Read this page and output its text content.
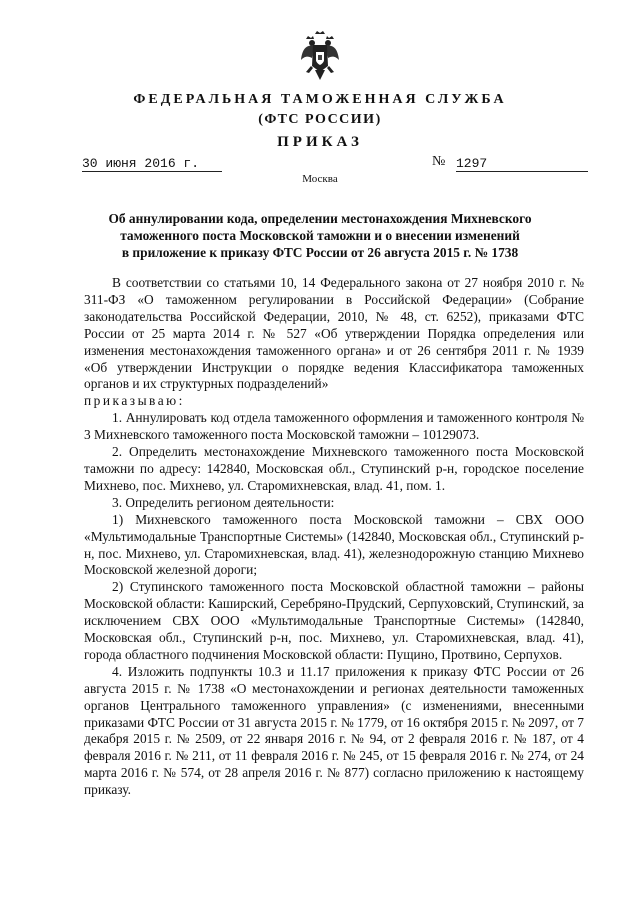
ФЕДЕРАЛЬНАЯ ТАМОЖЕННАЯ СЛУЖБА
(ФТС РОССИИ)
ПРИКАЗ
30 июня 2016 г.	№ 1297
Москва
Об аннулировании кода, определении местонахождения Михневского
таможенного поста Московской таможни и о внесении изменений
в приложение к приказу ФТС России от 26 августа 2015 г. № 1738

В соответствии со статьями 10, 14 Федерального закона от 27 ноября 2010 г. № 311-ФЗ «О таможенном регулировании в Российской Федерации» (Собрание законодательства Российской Федерации, 2010, № 48, ст. 6252), приказами ФТС России от 25 марта 2014 г. № 527 «Об утверждении Порядка определения или изменения местонахождения таможенного органа» и от 26 сентября 2011 г. № 1939 «Об утверждении Инструкции о порядке ведения Классификатора таможенных органов и их структурных подразделений»

приказываю:

1. Аннулировать код отдела таможенного оформления и таможенного контроля № 3 Михневского таможенного поста Московской таможни – 10129073.

2. Определить местонахождение Михневского таможенного поста Московской таможни по адресу: 142840, Московская обл., Ступинский р-н, городское поселение Михнево, пос. Михнево, ул. Старомихневская, влад. 41, пом. 1.

3. Определить регионом деятельности:

1) Михневского таможенного поста Московской таможни – СВХ ООО «Мультимодальные Транспортные Системы» (142840, Московская обл., Ступинский р-н, пос. Михнево, ул. Старомихневская, влад. 41), железнодорожную станцию Михнево Московской железной дороги;

2) Ступинского таможенного поста Московской областной таможни – районы Московской области: Каширский, Серебряно-Прудский, Серпуховский, Ступинский, за исключением СВХ ООО «Мультимодальные Транспортные Системы» (142840, Московская обл., Ступинский р-н, пос. Михнево, ул. Старомихневская, влад. 41), города областного подчинения Московской области: Пущино, Протвино, Серпухов.

4. Изложить подпункты 10.3 и 11.17 приложения к приказу ФТС России от 26 августа 2015 г. № 1738 «О местонахождении и регионах деятельности таможенных органов Центрального таможенного управления» (с изменениями, внесенными приказами ФТС России от 31 августа 2015 г. № 1779, от 16 октября 2015 г. № 2097, от 7 декабря 2015 г. № 2509, от 22 января 2016 г. № 94, от 2 февраля 2016 г. № 187, от 4 февраля 2016 г. № 211, от 11 февраля 2016 г. № 245, от 15 февраля 2016 г. № 274, от 24 марта 2016 г. № 574, от 28 апреля 2016 г. № 877) согласно приложению к настоящему приказу.
